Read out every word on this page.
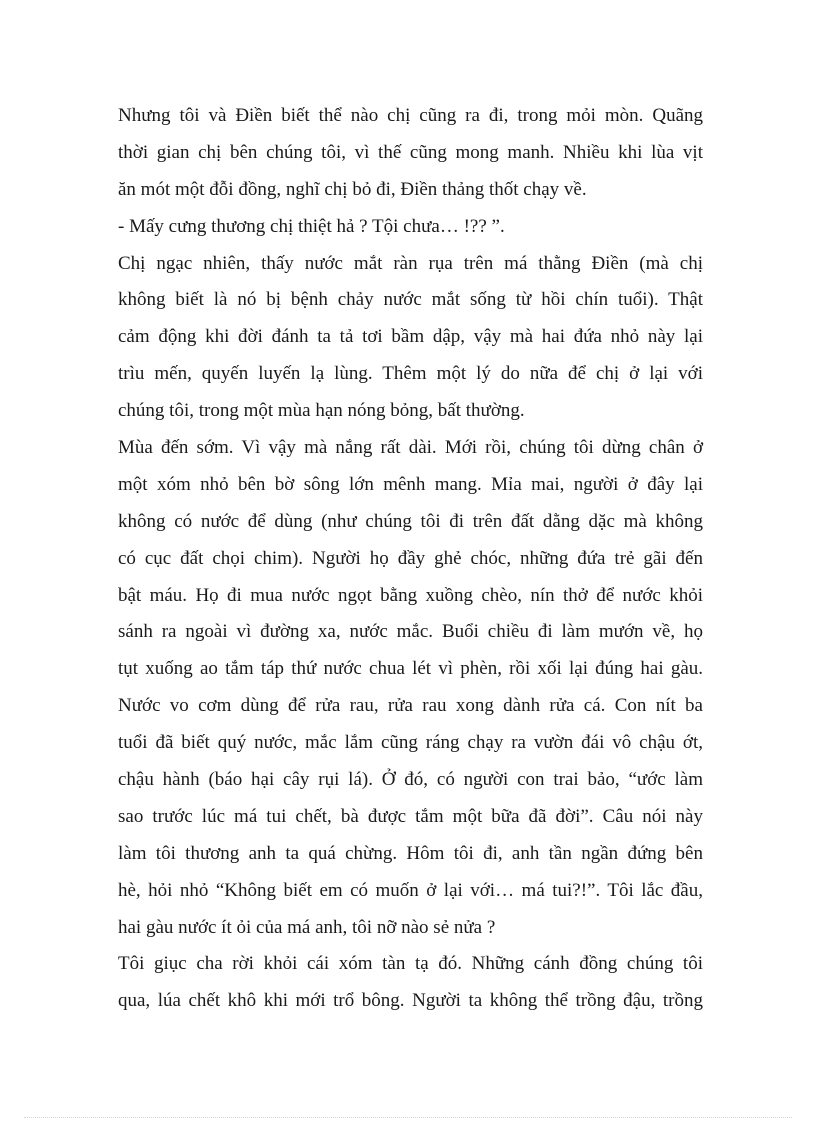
Nhưng tôi và Điền biết thể nào chị cũng ra đi, trong mỏi mòn. Quãng
thời gian chị bên chúng tôi, vì thế cũng mong manh. Nhiều khi lùa vịt
ăn mót một đỗi đồng, nghĩ chị bỏ đi, Điền thảng thốt chạy về.
- Mấy cưng thương chị thiệt hả ? Tội chưa… !?? ”.
Chị ngạc nhiên, thấy nước mắt ràn rụa trên má thằng Điền (mà chị
không biết là nó bị bệnh chảy nước mắt sống từ hồi chín tuổi). Thật
cảm động khi đời đánh ta tả tơi bầm dập, vậy mà hai đứa nhỏ này lại
trìu mến, quyến luyến lạ lùng. Thêm một lý do nữa để chị ở lại với
chúng tôi, trong một mùa hạn nóng bỏng, bất thường.
Mùa đến sớm. Vì vậy mà nắng rất dài. Mới rồi, chúng tôi dừng chân ở
một xóm nhỏ bên bờ sông lớn mênh mang. Mỉa mai, người ở đây lại
không có nước để dùng (như chúng tôi đi trên đất dằng dặc mà không
có cục đất chọi chim). Người họ đầy ghẻ chóc, những đứa trẻ gãi đến
bật máu. Họ đi mua nước ngọt bằng xuồng chèo, nín thở để nước khỏi
sánh ra ngoài vì đường xa, nước mắc. Buổi chiều đi làm mướn về, họ
tụt xuống ao tắm táp thứ nước chua lét vì phèn, rồi xối lại đúng hai gàu.
Nước vo cơm dùng để rửa rau, rửa rau xong dành rửa cá. Con nít ba
tuổi đã biết quý nước, mắc lắm cũng ráng chạy ra vườn đái vô chậu ớt,
chậu hành (báo hại cây rụi lá). Ở đó, có người con trai bảo, “ước làm
sao trước lúc má tui chết, bà được tắm một bữa đã đời”. Câu nói này
làm tôi thương anh ta quá chừng. Hôm tôi đi, anh tần ngần đứng bên
hè, hỏi nhỏ “Không biết em có muốn ở lại với… má tui?!”. Tôi lắc đầu,
hai gàu nước ít ỏi của má anh, tôi nỡ nào sẻ nửa ?
Tôi giục cha rời khỏi cái xóm tàn tạ đó. Những cánh đồng chúng tôi
qua, lúa chết khô khi mới trổ bông. Người ta không thể trồng đậu, trồng
